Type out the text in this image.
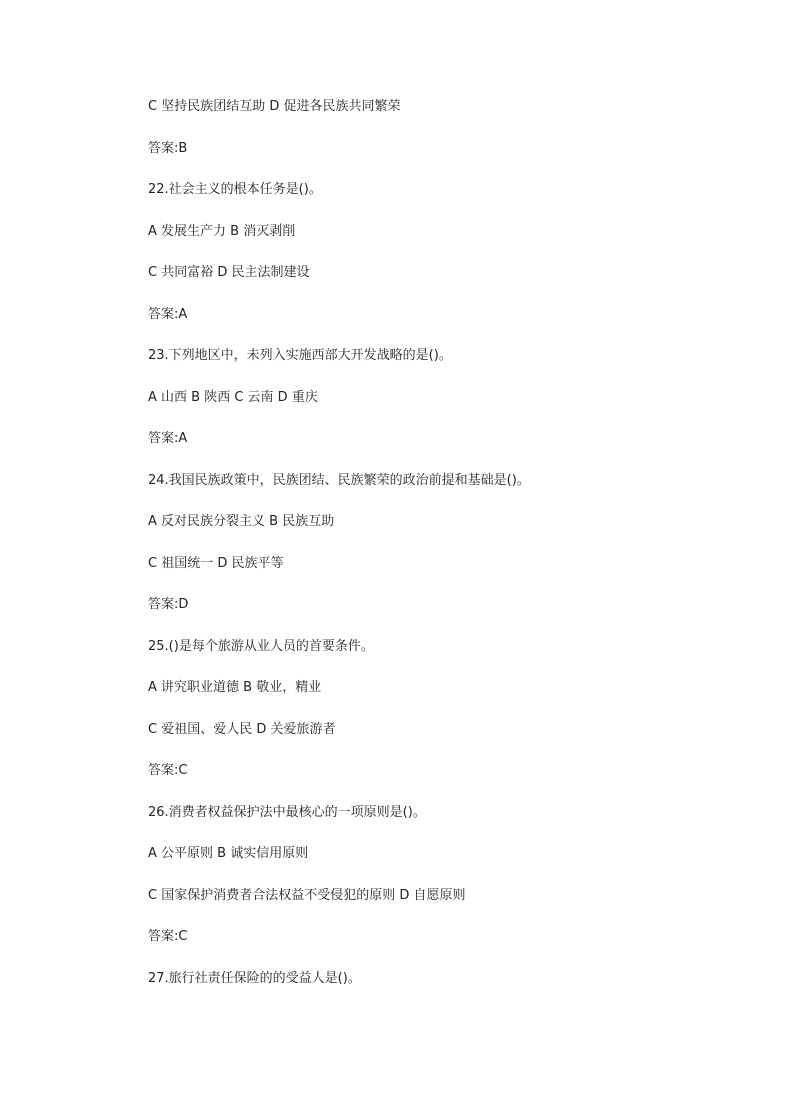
C 坚持民族团结互助 D 促进各民族共同繁荣
答案:B
22.社会主义的根本任务是()。
A 发展生产力 B 消灭剥削
C 共同富裕 D 民主法制建设
答案:A
23.下列地区中，未列入实施西部大开发战略的是()。
A 山西 B 陕西 C 云南 D 重庆
答案:A
24.我国民族政策中，民族团结、民族繁荣的政治前提和基础是()。
A 反对民族分裂主义 B 民族互助
C 祖国统一 D 民族平等
答案:D
25.()是每个旅游从业人员的首要条件。
A 讲究职业道德 B 敬业，精业
C 爱祖国、爱人民 D 关爱旅游者
答案:C
26.消费者权益保护法中最核心的一项原则是()。
A 公平原则 B 诚实信用原则
C 国家保护消费者合法权益不受侵犯的原则 D 自愿原则
答案:C
27.旅行社责任保险的的受益人是()。
